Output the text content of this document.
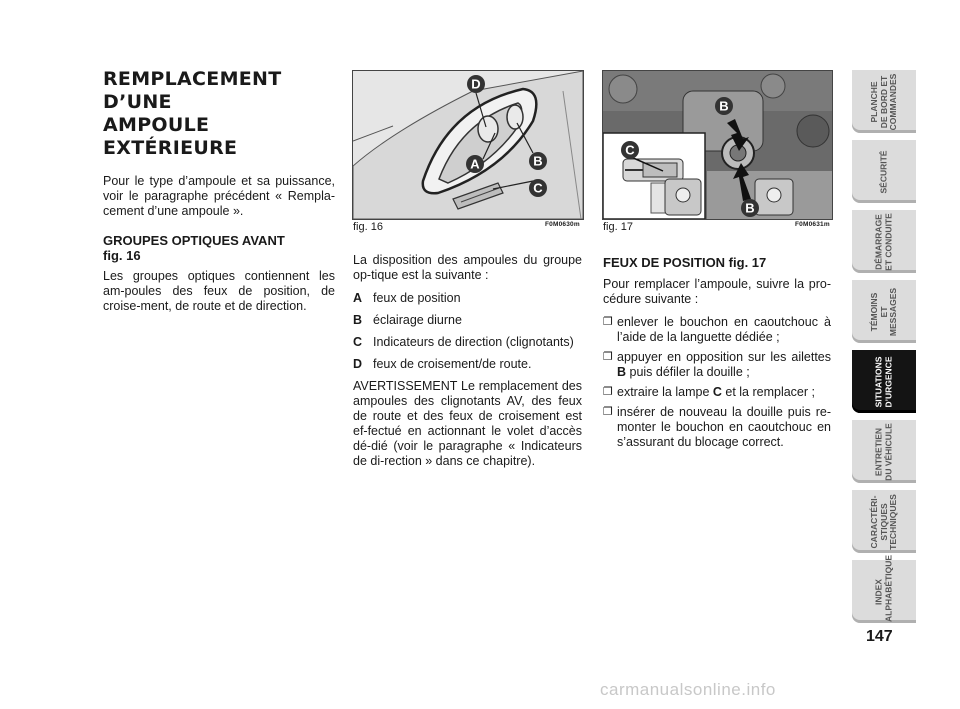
REMPLACEMENT D’UNE
AMPOULE EXTÉRIEURE

Pour le type d’ampoule et sa puissance, voir le paragraphe précédent « Rempla-cement d’une ampoule ».

GROUPES OPTIQUES AVANT
fig. 16

Les groupes optiques contiennent les am-poules des feux de position, de croise-ment, de route et de direction.

D
A	B
C
fig. 16	F0M0630m
B
C
B
fig. 17	F0M0631m

La disposition des ampoules du groupe op-tique est la suivante :

A feux de position
B éclairage diurne
C Indicateurs de direction (clignotants)
D feux de croisement/de route.

AVERTISSEMENT Le remplacement des ampoules des clignotants AV, des feux de route et des feux de croisement est ef-fectué en actionnant le volet d’accès dé-dié (voir le paragraphe « Indicateurs de di-rection » dans ce chapitre).

FEUX DE POSITION fig. 17

Pour remplacer l’ampoule, suivre la pro-cédure suivante :

❐ enlever le bouchon en caoutchouc à l’aide de la languette dédiée ;
❐ appuyer en opposition sur les ailettes B puis défiler la douille ;
❐ extraire la lampe C et la remplacer ;
❐ insérer de nouveau la douille puis re-monter le bouchon en caoutchouc en s’assurant du blocage correct.
PLANCHE
DE BORD ET
COMMANDES
SÉCURITÉ
DÉMARRAGE
ET CONDUITE
TÉMOINS
ET MESSAGES
SITUATIONS
D’URGENCE
ENTRETIEN
DU VÉHICULE
CARACTÉRI-
STIQUES
TECHNIQUES
INDEX
ALPHABÉTIQUE
147
carmanualsonline.info
